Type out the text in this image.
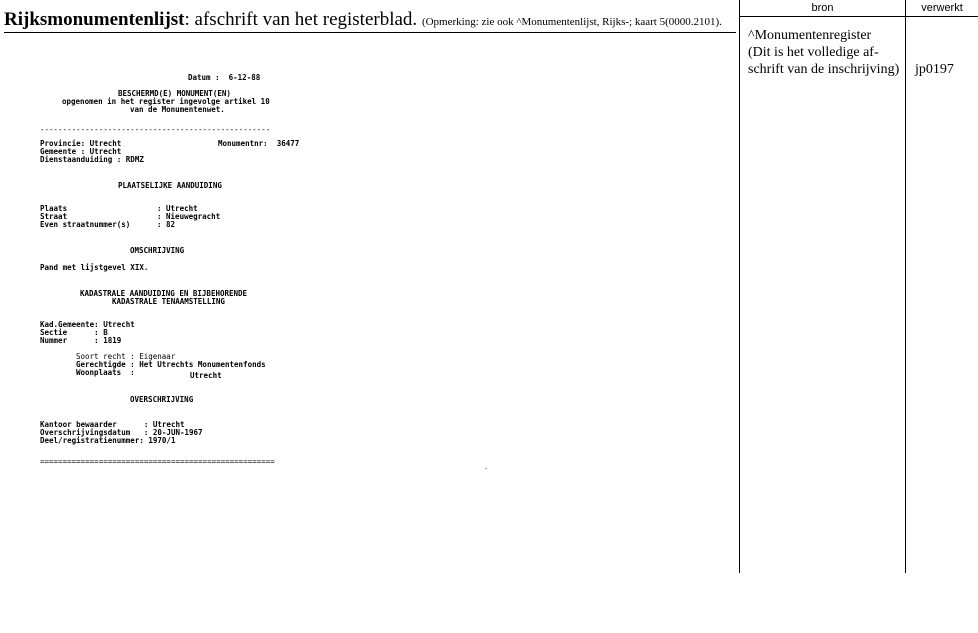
Rijksmonumentenlijst: afschrift van het registerblad. (Opmerking: zie ook ^Monumentenlijst, Rijks-; kaart 5(0000.2101).
Datum :  6-12-88
BESCHERMD(E) MONUMENT(EN)
opgenomen in het register ingevolge artikel 10
van de Monumentenwet.
---------------------------------------------------
Provincie: Utrecht	Monumentnr:  36477
Gemeente : Utrecht
Dienstaanduiding : RDMZ
PLAATSELIJKE AANDUIDING
Plaats	: Utrecht
Straat	: Nieuwegracht
Even straatnummer(s)	: 82
OMSCHRIJVING
Pand met lijstgevel XIX.
KADASTRALE AANDUIDING EN BIJBEHORENDE
KADASTRALE TENAAMSTELLING
Kad.Gemeente: Utrecht
Sectie      : B
Nummer      : 1819
Soort recht : Eigenaar
Gerechtigde : Het Utrechts Monumentenfonds
Woonplaats  :	Utrecht
OVERSCHRIJVING
Kantoor bewaarder      : Utrecht
Overschrijvingsdatum   : 20-JUN-1967
Deel/registratienummer: 1970/1
====================================================
bron	verwerkt
^Monumentenregister
(Dit is het volledige af-
schrift van de inschrijving)	jp0197
